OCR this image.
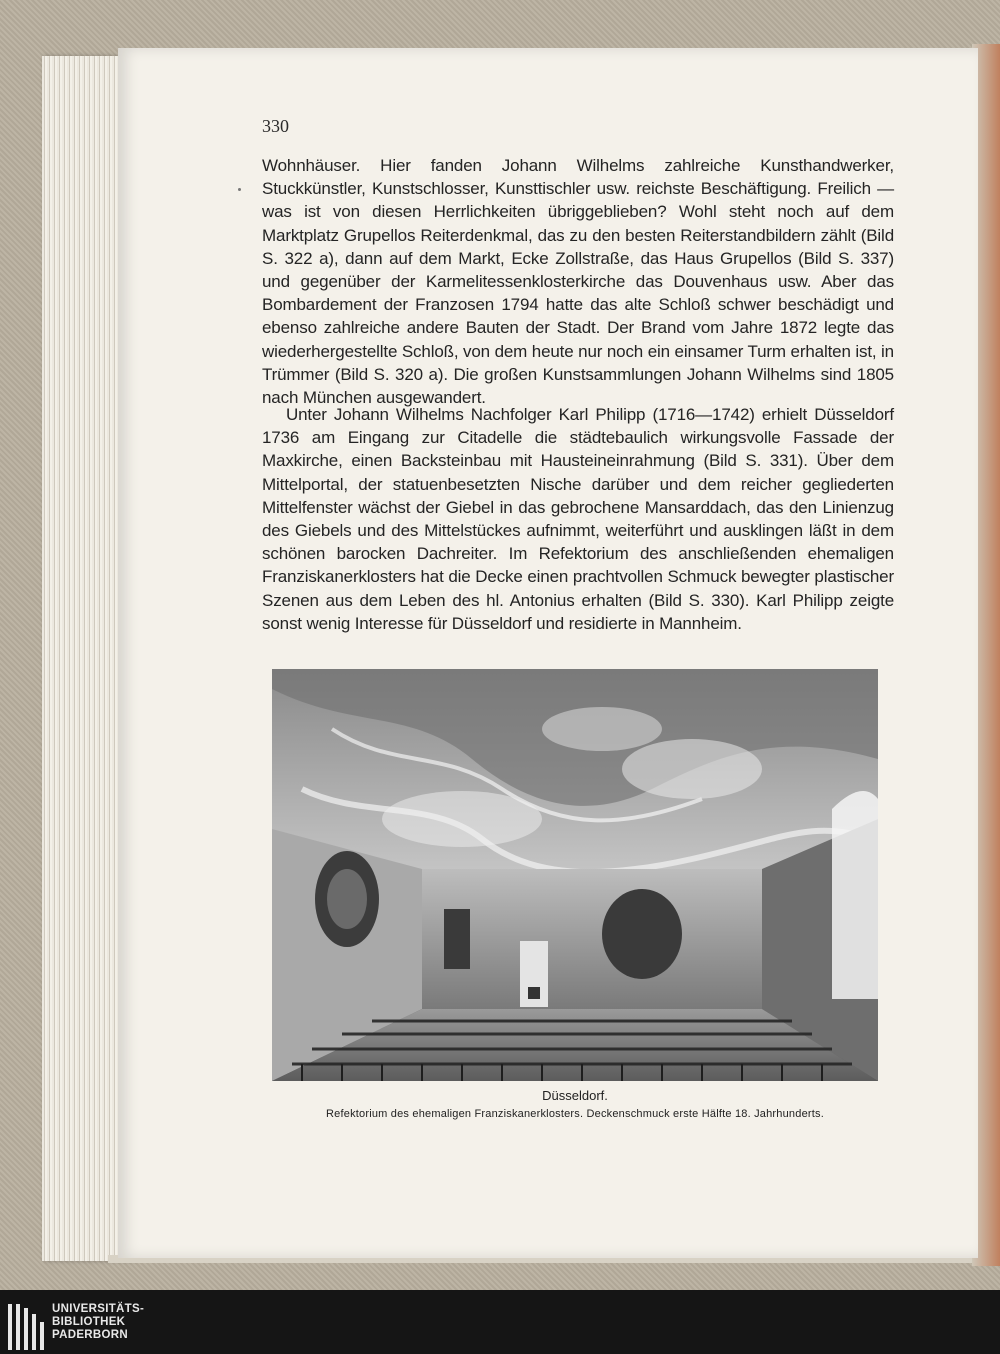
330

Wohnhäuser. Hier fanden Johann Wilhelms zahlreiche Kunsthandwerker, Stuckkünstler, Kunstschlosser, Kunsttischler usw. reichste Beschäftigung. Freilich — was ist von diesen Herrlichkeiten übriggeblieben? Wohl steht noch auf dem Marktplatz Grupellos Reiterdenkmal, das zu den besten Reiterstandbildern zählt (Bild S. 322 a), dann auf dem Markt, Ecke Zollstraße, das Haus Grupellos (Bild S. 337) und gegenüber der Karmelitessenklosterkirche das Douvenhaus usw. Aber das Bombardement der Franzosen 1794 hatte das alte Schloß schwer beschädigt und ebenso zahlreiche andere Bauten der Stadt. Der Brand vom Jahre 1872 legte das wiederhergestellte Schloß, von dem heute nur noch ein einsamer Turm erhalten ist, in Trümmer (Bild S. 320 a). Die großen Kunstsammlungen Johann Wilhelms sind 1805 nach München ausgewandert.

Unter Johann Wilhelms Nachfolger Karl Philipp (1716—1742) erhielt Düsseldorf 1736 am Eingang zur Citadelle die städtebaulich wirkungsvolle Fassade der Maxkirche, einen Backsteinbau mit Hausteineinrahmung (Bild S. 331). Über dem Mittelportal, der statuenbesetzten Nische darüber und dem reicher gegliederten Mittelfenster wächst der Giebel in das gebrochene Mansarddach, das den Linienzug des Giebels und des Mittelstückes aufnimmt, weiterführt und ausklingen läßt in dem schönen barocken Dachreiter. Im Refektorium des anschließenden ehemaligen Franziskanerklosters hat die Decke einen prachtvollen Schmuck bewegter plastischer Szenen aus dem Leben des hl. Antonius erhalten (Bild S. 330). Karl Philipp zeigte sonst wenig Interesse für Düsseldorf und residierte in Mannheim.

Düsseldorf.
Refektorium des ehemaligen Franziskanerklosters. Deckenschmuck erste Hälfte 18. Jahrhunderts.
UNIVERSITÄTS-
BIBLIOTHEK
PADERBORN
